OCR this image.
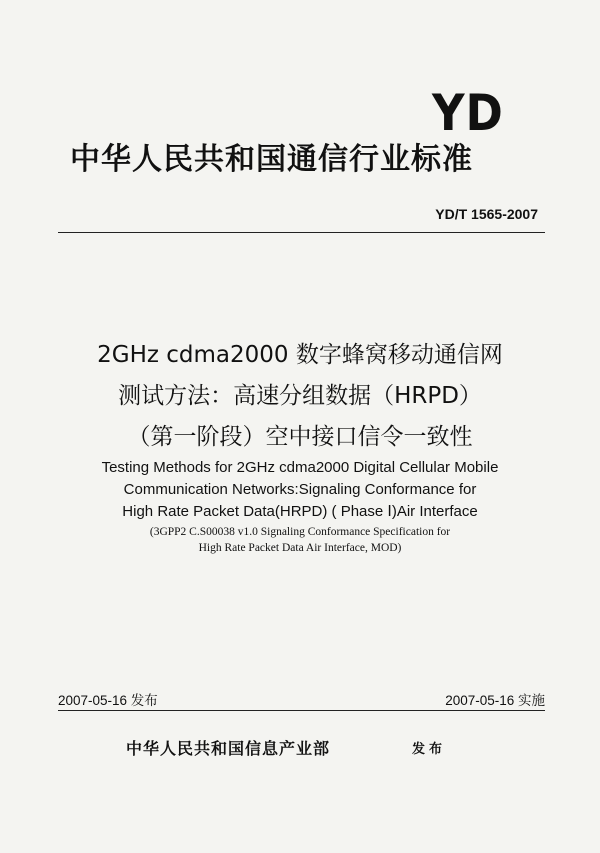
YD
中华人民共和国通信行业标准
YD/T 1565-2007
2GHz cdma2000 数字蜂窝移动通信网
测试方法：高速分组数据（HRPD）
（第一阶段）空中接口信令一致性
Testing Methods for 2GHz cdma2000 Digital Cellular Mobile
Communication Networks:Signaling Conformance for
High Rate Packet Data(HRPD) ( Phase Ⅰ)Air Interface
(3GPP2 C.S00038 v1.0 Signaling Conformance Specification for
High Rate Packet Data Air Interface, MOD)
2007-05-16 发布	2007-05-16 实施
中华人民共和国信息产业部	发布
